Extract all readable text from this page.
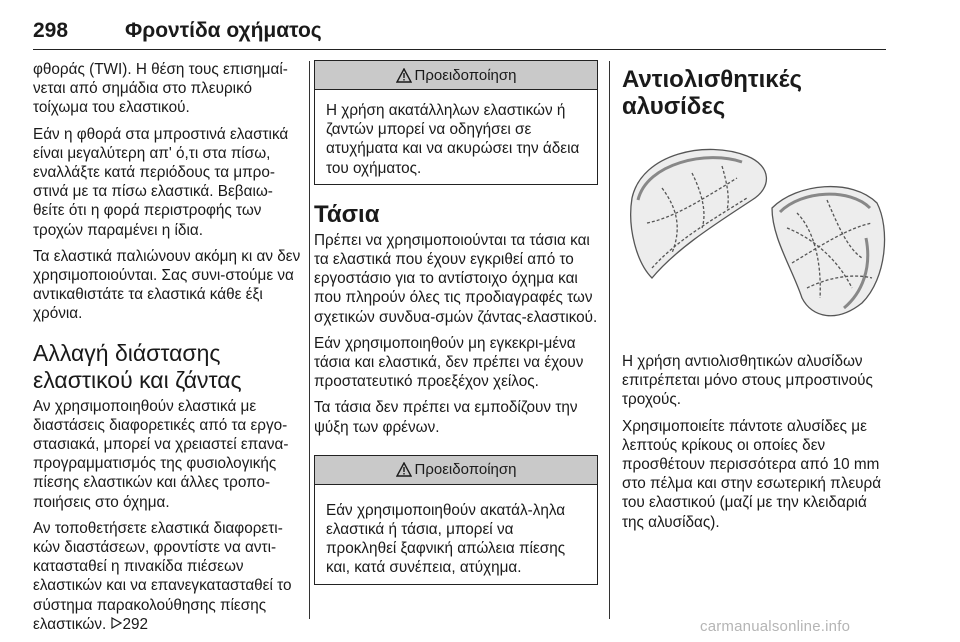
298	Φροντίδα οχήματος

φθοράς (TWI). Η θέση τους επισημαί-νεται από σημάδια στο πλευρικό τοίχωμα του ελαστικού.

Εάν η φθορά στα μπροστινά ελαστικά είναι μεγαλύτερη απ' ό,τι στα πίσω, εναλλάξτε κατά περιόδους τα μπρο-στινά με τα πίσω ελαστικά. Βεβαιω-θείτε ότι η φορά περιστροφής των τροχών παραμένει η ίδια.

Τα ελαστικά παλιώνουν ακόμη κι αν δεν χρησιμοποιούνται. Σας συνι-στούμε να αντικαθιστάτε τα ελαστικά κάθε έξι χρόνια.

Αλλαγή διάστασης
ελαστικού και ζάντας

Αν χρησιμοποιηθούν ελαστικά με διαστάσεις διαφορετικές από τα εργο-στασιακά, μπορεί να χρειαστεί επανα-προγραμματισμός της φυσιολογικής πίεσης ελαστικών και άλλες τροπο-ποιήσεις στο όχημα.

Αν τοποθετήσετε ελαστικά διαφορετι-κών διαστάσεων, φροντίστε να αντι-κατασταθεί η πινακίδα πιέσεων ελαστικών και να επανεγκατασταθεί το σύστημα παρακολούθησης πίεσης ελαστικών. 292

Προειδοποίηση

Η χρήση ακατάλληλων ελαστικών ή ζαντών μπορεί να οδηγήσει σε ατυχήματα και να ακυρώσει την άδεια του οχήματος.

Τάσια

Πρέπει να χρησιμοποιούνται τα τάσια και τα ελαστικά που έχουν εγκριθεί από το εργοστάσιο για το αντίστοιχο όχημα και που πληρούν όλες τις προδιαγραφές των σχετικών συνδυα-σμών ζάντας-ελαστικού.

Εάν χρησιμοποιηθούν μη εγκεκρι-μένα τάσια και ελαστικά, δεν πρέπει να έχουν προστατευτικό προεξέχον χείλος.

Τα τάσια δεν πρέπει να εμποδίζουν την ψύξη των φρένων.

Προειδοποίηση

Εάν χρησιμοποιηθούν ακατάλ-ληλα ελαστικά ή τάσια, μπορεί να προκληθεί ξαφνική απώλεια πίεσης και, κατά συνέπεια, ατύχημα.

Αντιολισθητικές αλυσίδες

Η χρήση αντιολισθητικών αλυσίδων επιτρέπεται μόνο στους μπροστινούς τροχούς.

Χρησιμοποιείτε πάντοτε αλυσίδες με λεπτούς κρίκους οι οποίες δεν προσθέτουν περισσότερα από 10 mm στο πέλμα και στην εσωτερική πλευρά του ελαστικού (μαζί με την κλειδαριά της αλυσίδας).

carmanualsonline.info
